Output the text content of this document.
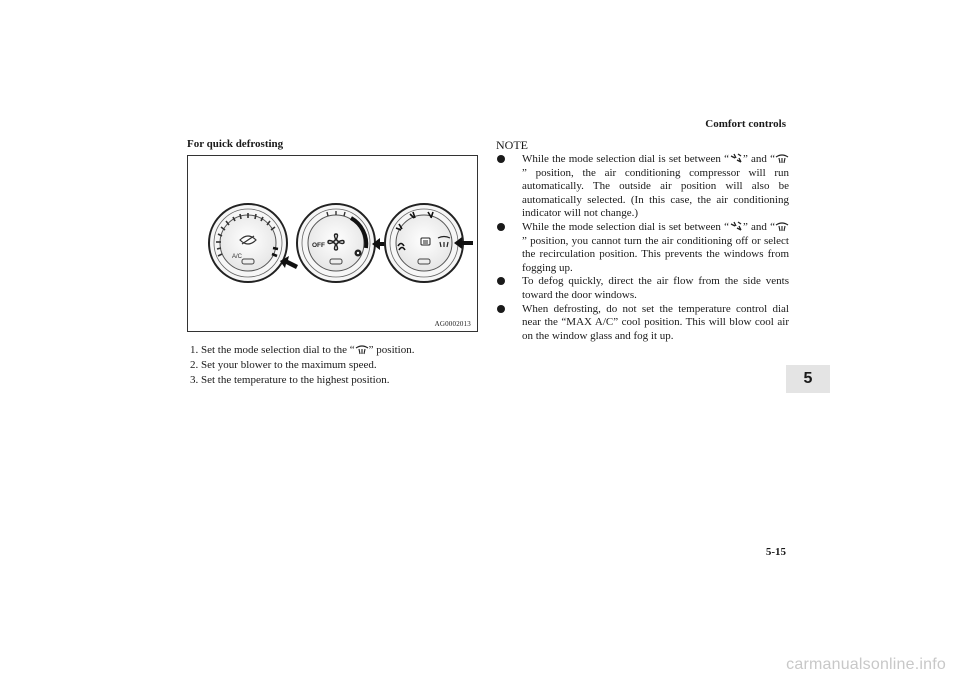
Comfort controls
5
5-15
carmanualsonline.info
For quick defrosting
A/C
OFF
AG0002013
1. Set the mode selection dial to the “ ” position.
2. Set your blower to the maximum speed.
3. Set the temperature to the highest position.
NOTE
While the mode selection dial is set between “ ” and “” position, the air conditioning compressor will run automatically. The outside air position will also be automatically selected. (In this case, the air conditioning indicator will not change.)
While the mode selection dial is set between “ ” and “” position, you cannot turn the air conditioning off or select the recirculation position. This prevents the windows from fogging up.
To defog quickly, direct the air flow from the side vents toward the door windows.
When defrosting, do not set the temperature control dial near the “MAX A/C” cool position. This will blow cool air on the window glass and fog it up.
